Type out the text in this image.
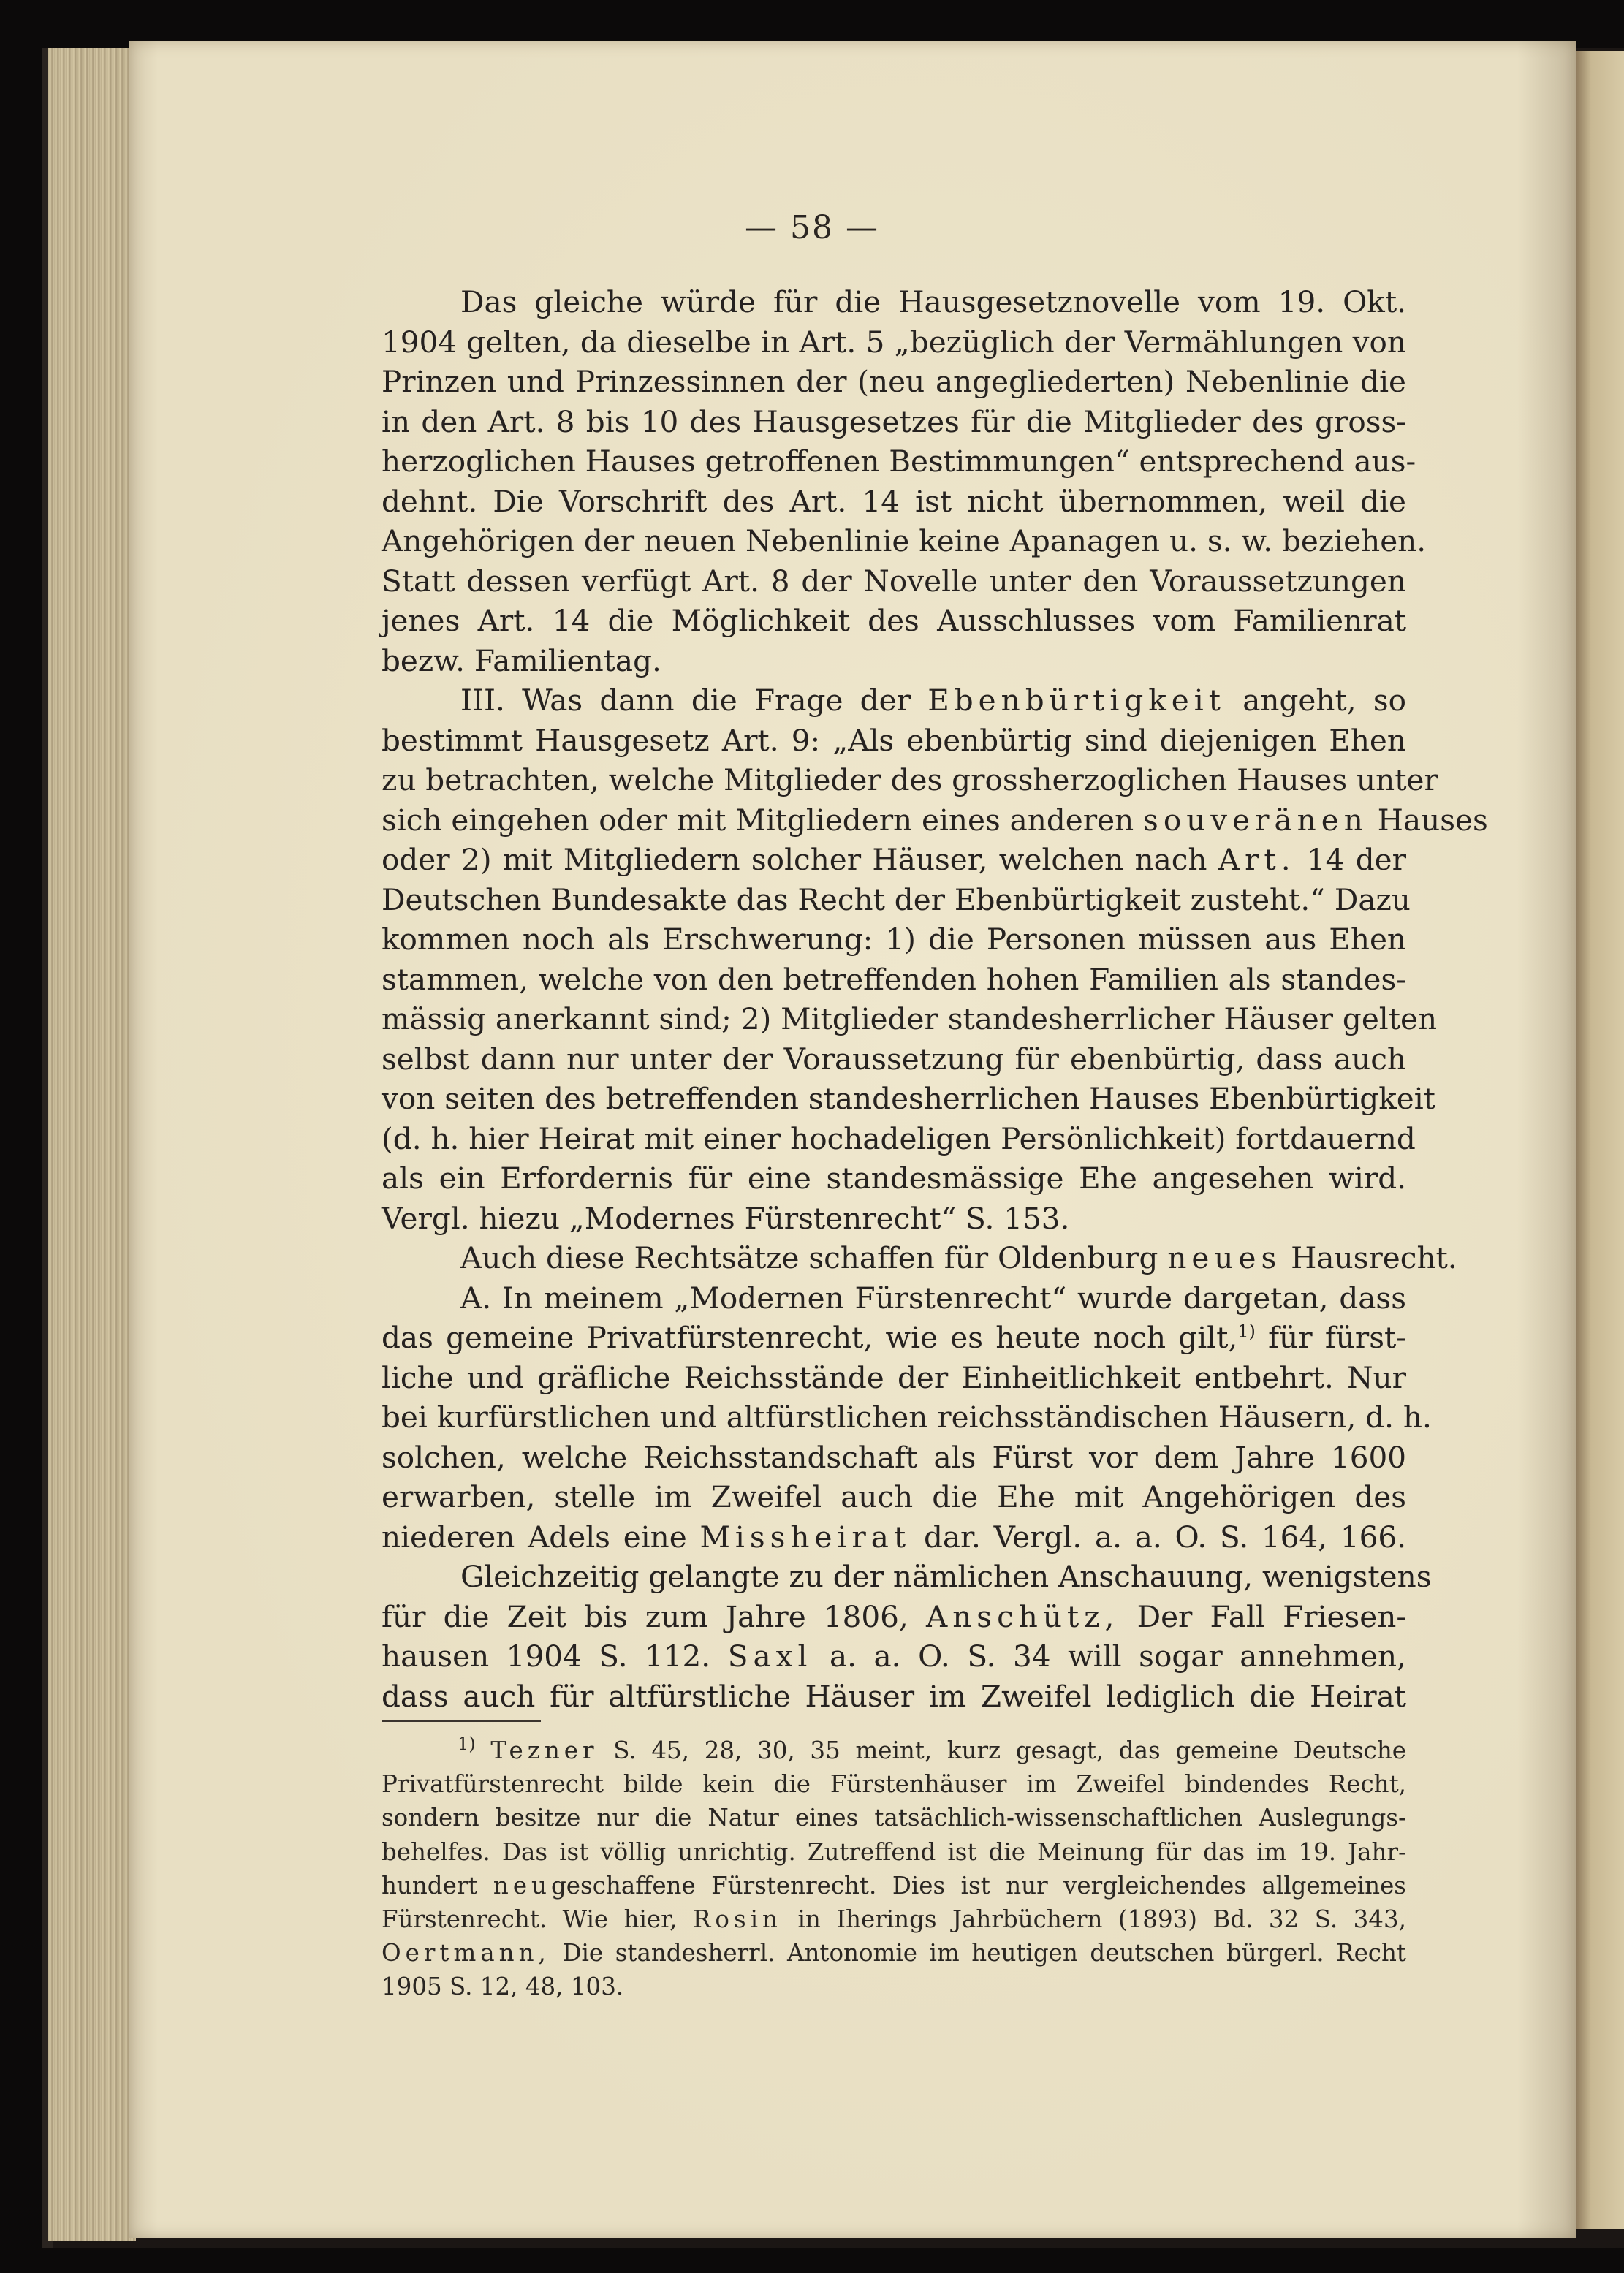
— 58 —
Das gleiche würde für die Hausgesetznovelle vom 19. Okt.
1904 gelten, da dieselbe in Art. 5 „bezüglich der Vermählungen von
Prinzen und Prinzessinnen der (neu angegliederten) Nebenlinie die
in den Art. 8 bis 10 des Hausgesetzes für die Mitglieder des gross-
herzoglichen Hauses getroffenen Bestimmungen“ entsprechend aus-
dehnt. Die Vorschrift des Art. 14 ist nicht übernommen, weil die
Angehörigen der neuen Nebenlinie keine Apanagen u. s. w. beziehen.
Statt dessen verfügt Art. 8 der Novelle unter den Voraussetzungen
jenes Art. 14 die Möglichkeit des Ausschlusses vom Familienrat
bezw. Familientag.
III. Was dann die Frage der Ebenbürtigkeit angeht, so
bestimmt Hausgesetz Art. 9: „Als ebenbürtig sind diejenigen Ehen
zu betrachten, welche Mitglieder des grossherzoglichen Hauses unter
sich eingehen oder mit Mitgliedern eines anderen souveränen Hauses
oder 2) mit Mitgliedern solcher Häuser, welchen nach Art. 14 der
Deutschen Bundesakte das Recht der Ebenbürtigkeit zusteht.“ Dazu
kommen noch als Erschwerung: 1) die Personen müssen aus Ehen
stammen, welche von den betreffenden hohen Familien als standes-
mässig anerkannt sind; 2) Mitglieder standesherrlicher Häuser gelten
selbst dann nur unter der Voraussetzung für ebenbürtig, dass auch
von seiten des betreffenden standesherrlichen Hauses Ebenbürtigkeit
(d. h. hier Heirat mit einer hochadeligen Persönlichkeit) fortdauernd
als ein Erfordernis für eine standesmässige Ehe angesehen wird.
Vergl. hiezu „Modernes Fürstenrecht“ S. 153.
Auch diese Rechtsätze schaffen für Oldenburg neues Hausrecht.
A. In meinem „Modernen Fürstenrecht“ wurde dargetan, dass
das gemeine Privatfürstenrecht, wie es heute noch gilt,$^{1)}$ für fürst-
liche und gräfliche Reichsstände der Einheitlichkeit entbehrt. Nur
bei kurfürstlichen und altfürstlichen reichsständischen Häusern, d. h.
solchen, welche Reichsstandschaft als Fürst vor dem Jahre 1600
erwarben, stelle im Zweifel auch die Ehe mit Angehörigen des
niederen Adels eine Missheirat dar. Vergl. a. a. O. S. 164, 166.
Gleichzeitig gelangte zu der nämlichen Anschauung, wenigstens
für die Zeit bis zum Jahre 1806, Anschütz, Der Fall Friesen-
hausen 1904 S. 112. Saxl a. a. O. S. 34 will sogar annehmen,
dass auch für altfürstliche Häuser im Zweifel lediglich die Heirat
$^{1)}$ Tezner S. 45, 28, 30, 35 meint, kurz gesagt, das gemeine Deutsche
Privatfürstenrecht bilde kein die Fürstenhäuser im Zweifel bindendes Recht,
sondern besitze nur die Natur eines tatsächlich-wissenschaftlichen Auslegungs-
behelfes. Das ist völlig unrichtig. Zutreffend ist die Meinung für das im 19. Jahr-
hundert neugeschaffene Fürstenrecht. Dies ist nur vergleichendes allgemeines
Fürstenrecht. Wie hier, Rosin in Iherings Jahrbüchern (1893) Bd. 32 S. 343,
Oertmann, Die standesherrl. Antonomie im heutigen deutschen bürgerl. Recht
1905 S. 12, 48, 103.
